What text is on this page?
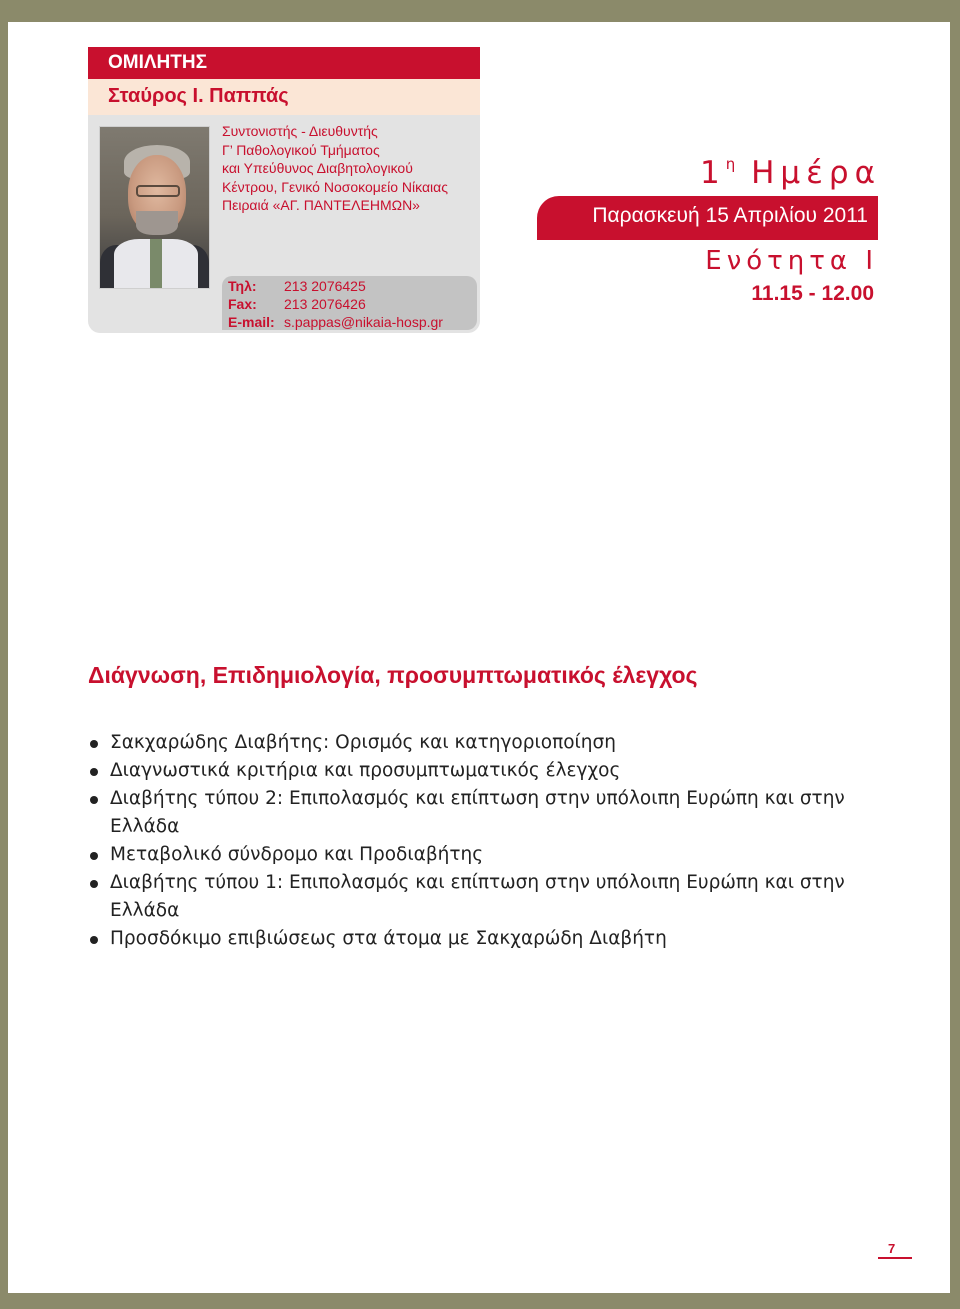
ΟΜΙΛΗΤΗΣ
Σταύρος Ι. Παππάς
Συντονιστής - Διευθυντής
Γ’ Παθολογικού Τμήματος
και Υπεύθυνος Διαβητολογικού
Κέντρου, Γενικό Νοσοκομείο Νίκαιας
Πειραιά «ΑΓ. ΠΑΝΤΕΛΕΗΜΩΝ»
Τηλ: 213 2076425
Fax: 213 2076426
E-mail: s.pappas@nikaia-hosp.gr
$1^\eta$ Ημέρα
Παρασκευή 15 Απριλίου 2011
Ενότητα Ι
11.15 - 12.00
Διάγνωση, Επιδημιολογία, προσυμπτωματικός έλεγχος
Σακχαρώδης Διαβήτης: Ορισμός και κατηγοριοποίηση
Διαγνωστικά κριτήρια και προσυμπτωματικός έλεγχος
Διαβήτης τύπου 2: Επιπολασμός και επίπτωση στην υπόλοιπη Ευρώπη και στην Ελλάδα
Μεταβολικό σύνδρομο και Προδιαβήτης
Διαβήτης τύπου 1: Επιπολασμός και επίπτωση στην υπόλοιπη Ευρώπη και στην Ελλάδα
Προσδόκιμο επιβιώσεως στα άτομα με Σακχαρώδη Διαβήτη
7
